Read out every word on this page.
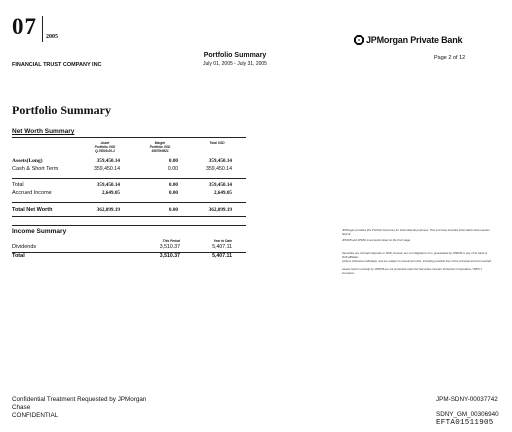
07 2005	JPMorgan Private Bank
Portfolio Summary
July 01, 2005 - July 31, 2005
Page 2 of 12
FINANCIAL TRUST COMPANY INC
Portfolio Summary
Net Worth Summary
Asset
Portfolio USD
Q-76809-00-1
Margin
Portfolio USD
19870HM21
Total USD
Assets(Long)	359,450.14	0.00	359,450.14
Cash & Short Term	359,450.14	0.00	359,450.14
Total	359,450.14	0.00	359,450.14
Accrued Income	2,649.05	0.00	2,649.05
Total Net Worth	362,099.19	0.00	362,099.19
Income Summary
This Period	Year to Date
Dividends	3,510.37	5,407.11
Total	3,510.37	5,407.11
JPMorgan provides this Portfolio Summary for informational purposes. This summary includes information about assets held at
JPMCB and JPMSI in accounts listed on the front page.
Securities are not bank deposits or FDIC insured, are not obligations of or guaranteed by JPMCB or any of its bank or thrift affiliates
(unless otherwise indicated), and are subject to investment risks, including possible loss of the principal amount invested.
Assets held in custody by JPMCB are not protected under the Securities Investor Protection Corporation ("SIPC") insurance.
Confidential Treatment Requested by JPMorgan
Chase
CONFIDENTIAL
JPM-SDNY-00037742
SDNY_GM_00306940
EFTA01511905
